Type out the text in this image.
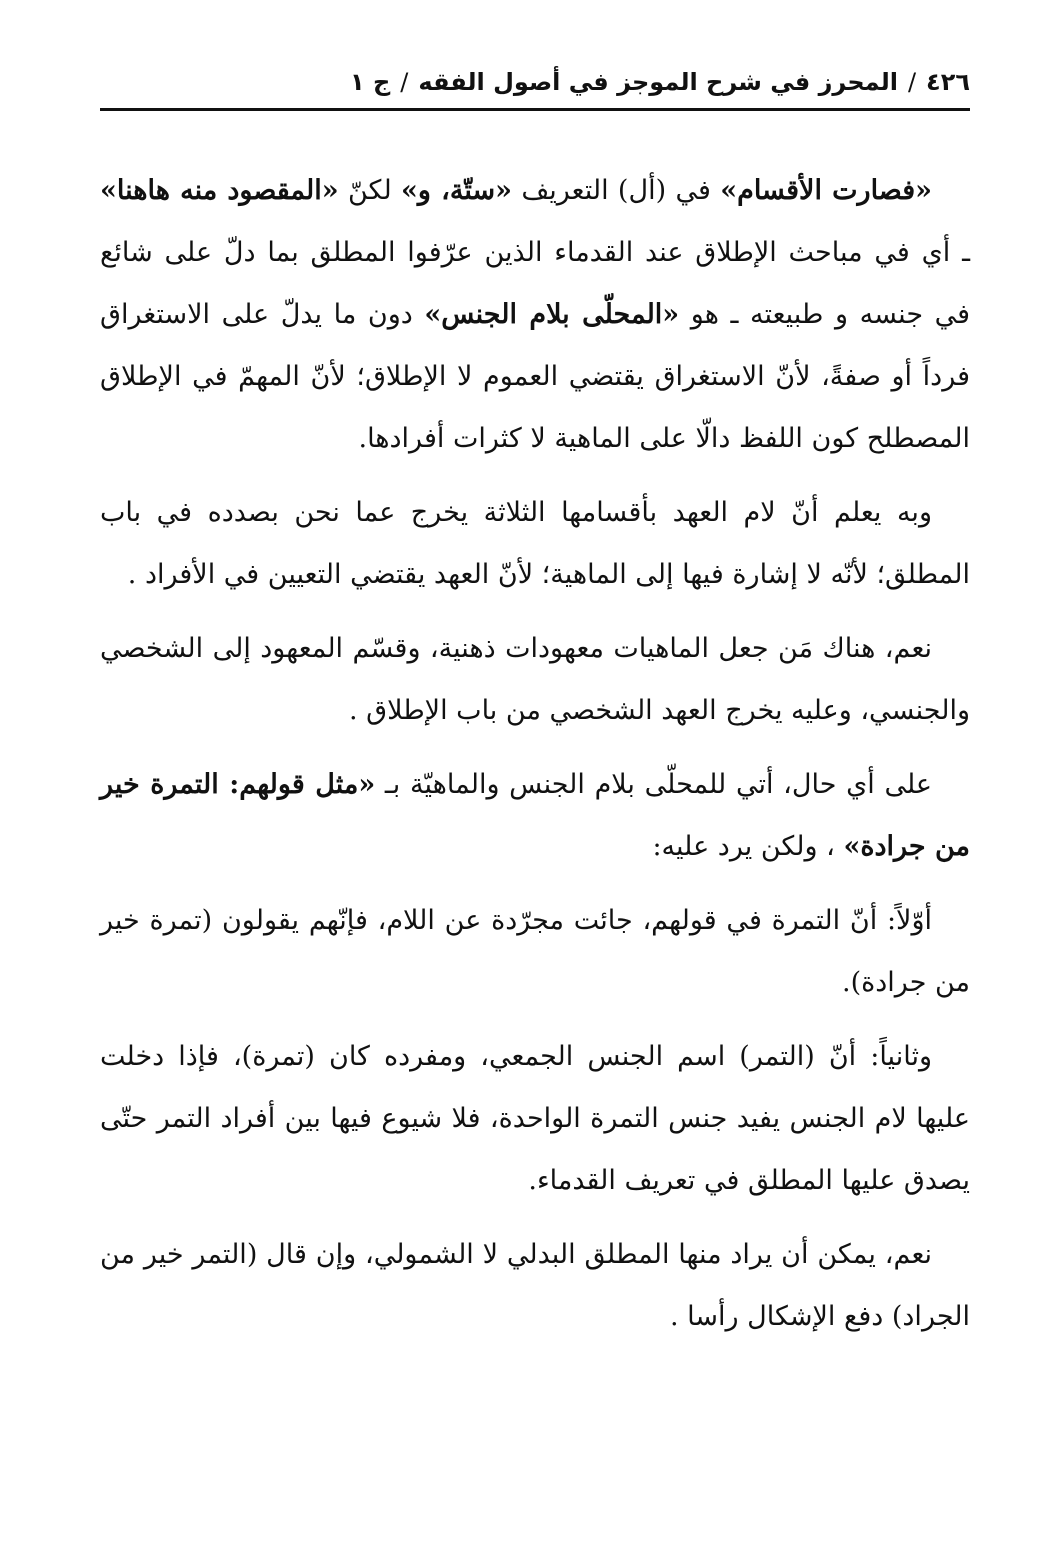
٤٢٦
/
المحرز في شرح الموجز في أصول الفقه
/
ج ١

«فصارت الأقسام» في (أل) التعريف «ستّة، و» لكنّ «المقصود منه هاهنا» ـ أي في مباحث الإطلاق عند القدماء الذين عرّفوا المطلق بما دلّ على شائع في جنسه و طبيعته ـ هو «المحلّى بلام الجنس» دون ما يدلّ على الاستغراق فرداً أو صفةً، لأنّ الاستغراق يقتضي العموم لا الإطلاق؛ لأنّ المهمّ في الإطلاق المصطلح كون اللفظ دالّا على الماهية لا كثرات أفرادها.

وبه يعلم أنّ لام العهد بأقسامها الثلاثة يخرج عما نحن بصدده في باب المطلق؛ لأنّه لا إشارة فيها إلى الماهية؛ لأنّ العهد يقتضي التعيين في الأفراد .

نعم، هناك مَن جعل الماهيات معهودات ذهنية، وقسّم المعهود إلى الشخصي والجنسي، وعليه يخرج العهد الشخصي من باب الإطلاق .

على أي حال، أتي للمحلّى بلام الجنس والماهيّة بـ «مثل قولهم: التمرة خير من جرادة» ، ولكن يرد عليه:

أوّلاً: أنّ التمرة في قولهم، جائت مجرّدة عن اللام، فإنّهم يقولون (تمرة خير من جرادة).

وثانياً: أنّ (التمر) اسم الجنس الجمعي، ومفرده كان (تمرة)، فإذا دخلت عليها لام الجنس يفيد جنس التمرة الواحدة، فلا شيوع فيها بين أفراد التمر حتّى يصدق عليها المطلق في تعريف القدماء.

نعم، يمكن أن يراد منها المطلق البدلي لا الشمولي، وإن قال (التمر خير من الجراد) دفع الإشكال رأسا .
